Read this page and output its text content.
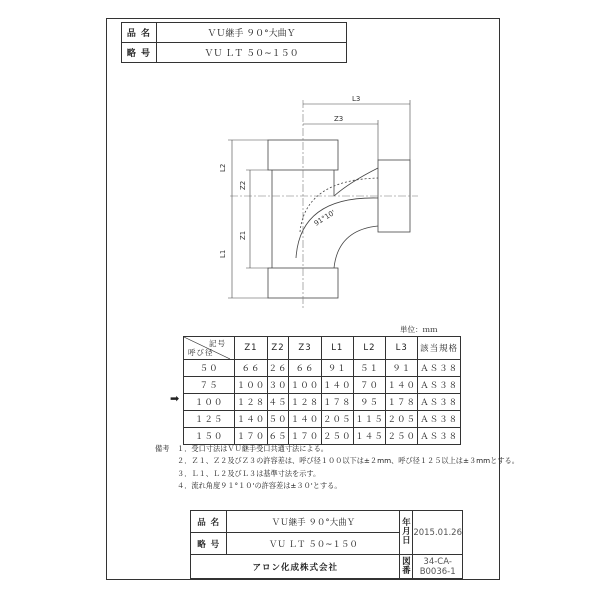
品 名	ＶＵ継手 ９０°大曲Ｙ
略 号	ＶＵ ＬＴ ５０~１５０
L3
Z3
L2
Z2
Z1
L1
91°10'
単位：ｍｍ
➡
記号
呼び径	Z1	Z2	Z3	L1	L2	L3	該当規格
５０	６６	２６	６６	９１	５１	９１	ＡＳ３８
７５	１００	３０	１００	１４０	７０	１４０	ＡＳ３８
１００	１２８	４５	１２８	１７８	９５	１７８	ＡＳ３８
１２５	１４０	５０	１４０	２０５	１１５	２０５	ＡＳ３８
１５０	１７０	６５	１７０	２５０	１４５	２５０	ＡＳ３８
備考 １．受口寸法はＶＵ継手受口共通寸法による。
２．Ｚ１、Ｚ２及びＺ３の許容差は、呼び径１００以下は±２mm、呼び径１２５以上は±３mmとする。
３．Ｌ１、Ｌ２及びＬ３は基準寸法を示す。
４．流れ角度９１°１０'の許容差は±３０'とする。
品 名	ＶＵ継手 ９０°大曲Ｙ	年月日	2015.01.26
略 号	ＶＵ ＬＴ ５０~１５０		
アロン化成株式会社		図番	34-CA-B0036-1
